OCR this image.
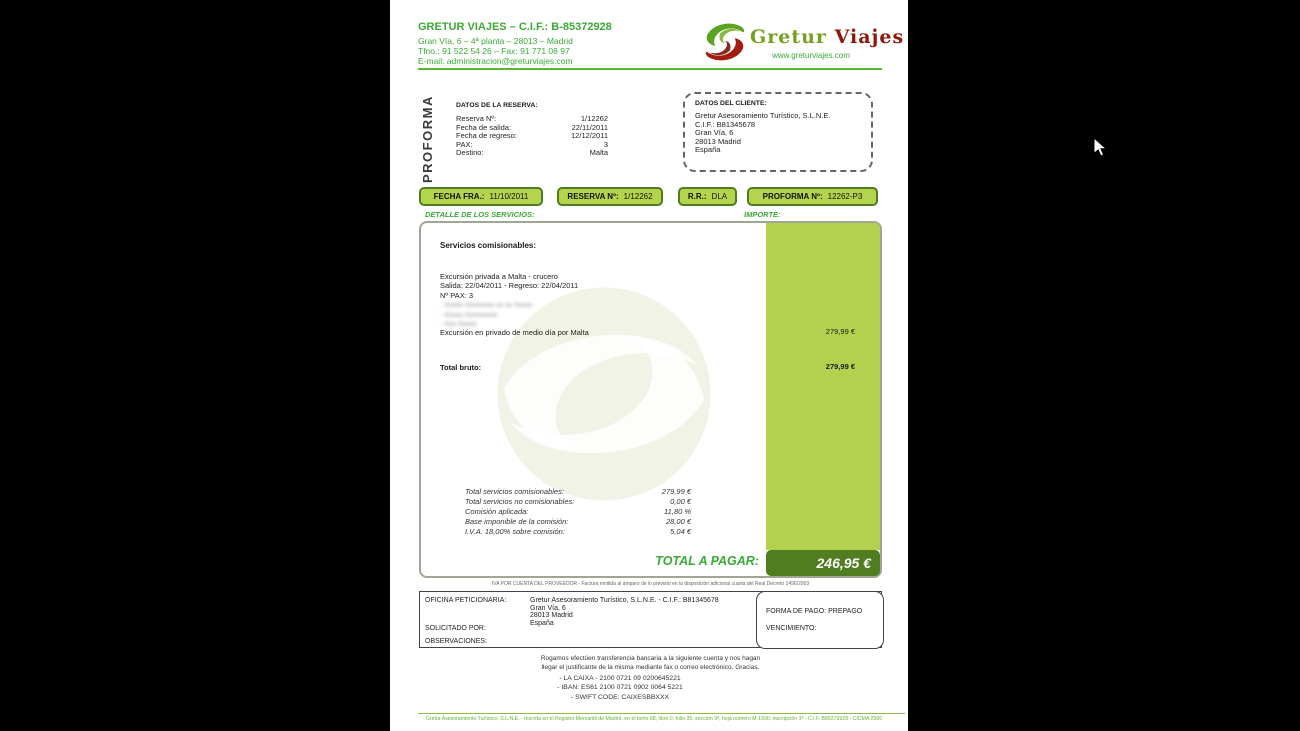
GRETUR VIAJES – C.I.F.: B-85372928
Gran Vía, 6 – 4ª planta – 28013 – Madrid
Tfno.: 91 522 54 26 – Fax: 91 771 08 97
E-mail: administracion@greturviajes.com
Gretur Viajes
www.greturviajes.com
PROFORMA	DATOS DE LA RESERVA:
Reserva Nº:	1/12262
Fecha de salida:	22/11/2011
Fecha de regreso:	12/12/2011
PAX:	3
Destino:	Malta
DATOS DEL CLIENTE:
Gretur Asesoramiento Turístico, S.L.N.E.
C.I.F.: B81345678
Gran Vía, 6
28013 Madrid
España
FECHA FRA.: 11/10/2011	RESERVA Nº: 1/12262	R.R.: DLA	PROFORMA Nº: 12262-P3
DETALLE DE LOS SERVICIOS:	IMPORTE:
Servicios comisionables:
Excursión privada a Malta - crucero
Salida: 22/04/2011 - Regreso: 22/04/2011
Nº PAX: 3
- Xxxxx Xxxxxxxx xx xx Xxxxx
- Xxxxx Xxxxxxxxx
- Xxx Xxxxx
Excursión en privado de medio día por Malta	279,99 €
Total bruto:	279,99 €
Total servicios comisionables:	279,99 €
Total servicios no comisionables:	0,00 €
Comisión aplicada:	11,80 %
Base imponible de la comisión:	28,00 €
I.V.A. 18,00% sobre comisión:	5,04 €
TOTAL A PAGAR:	246,95 €
IVA POR CUENTA DEL PROVEEDOR - Factura emitida al amparo de lo previsto en la disposición adicional cuarta del Real Decreto 1496/2003
OFICINA PETICIONARIA:	Gretur Asesoramiento Turístico, S.L.N.E. - C.I.F.: B81345678
Gran Vía, 6
28013 Madrid
España
SOLICITADO POR:
OBSERVACIONES:
FORMA DE PAGO: PREPAGO
VENCIMIENTO:
Rogamos efectúen transferencia bancaria a la siguiente cuenta y nos hagan
llegar el justificante de la misma mediante fax o correo electrónico. Gracias.
- LA CAIXA - 2100 0721 09 0200645221
- IBAN: ES61 2100 0721 0902 0064 5221
- SWIFT CODE: CAIXESBBXXX
Gretur Asesoramiento Turístico, S.L.N.E. - Inscrita en el Registro Mercantil de Madrid, en el tomo 68, libro 0, folio 35, sección 9ª, hoja número M-1590, inscripción 1ª - C.I.F. B85372928 - CICMA 2506
